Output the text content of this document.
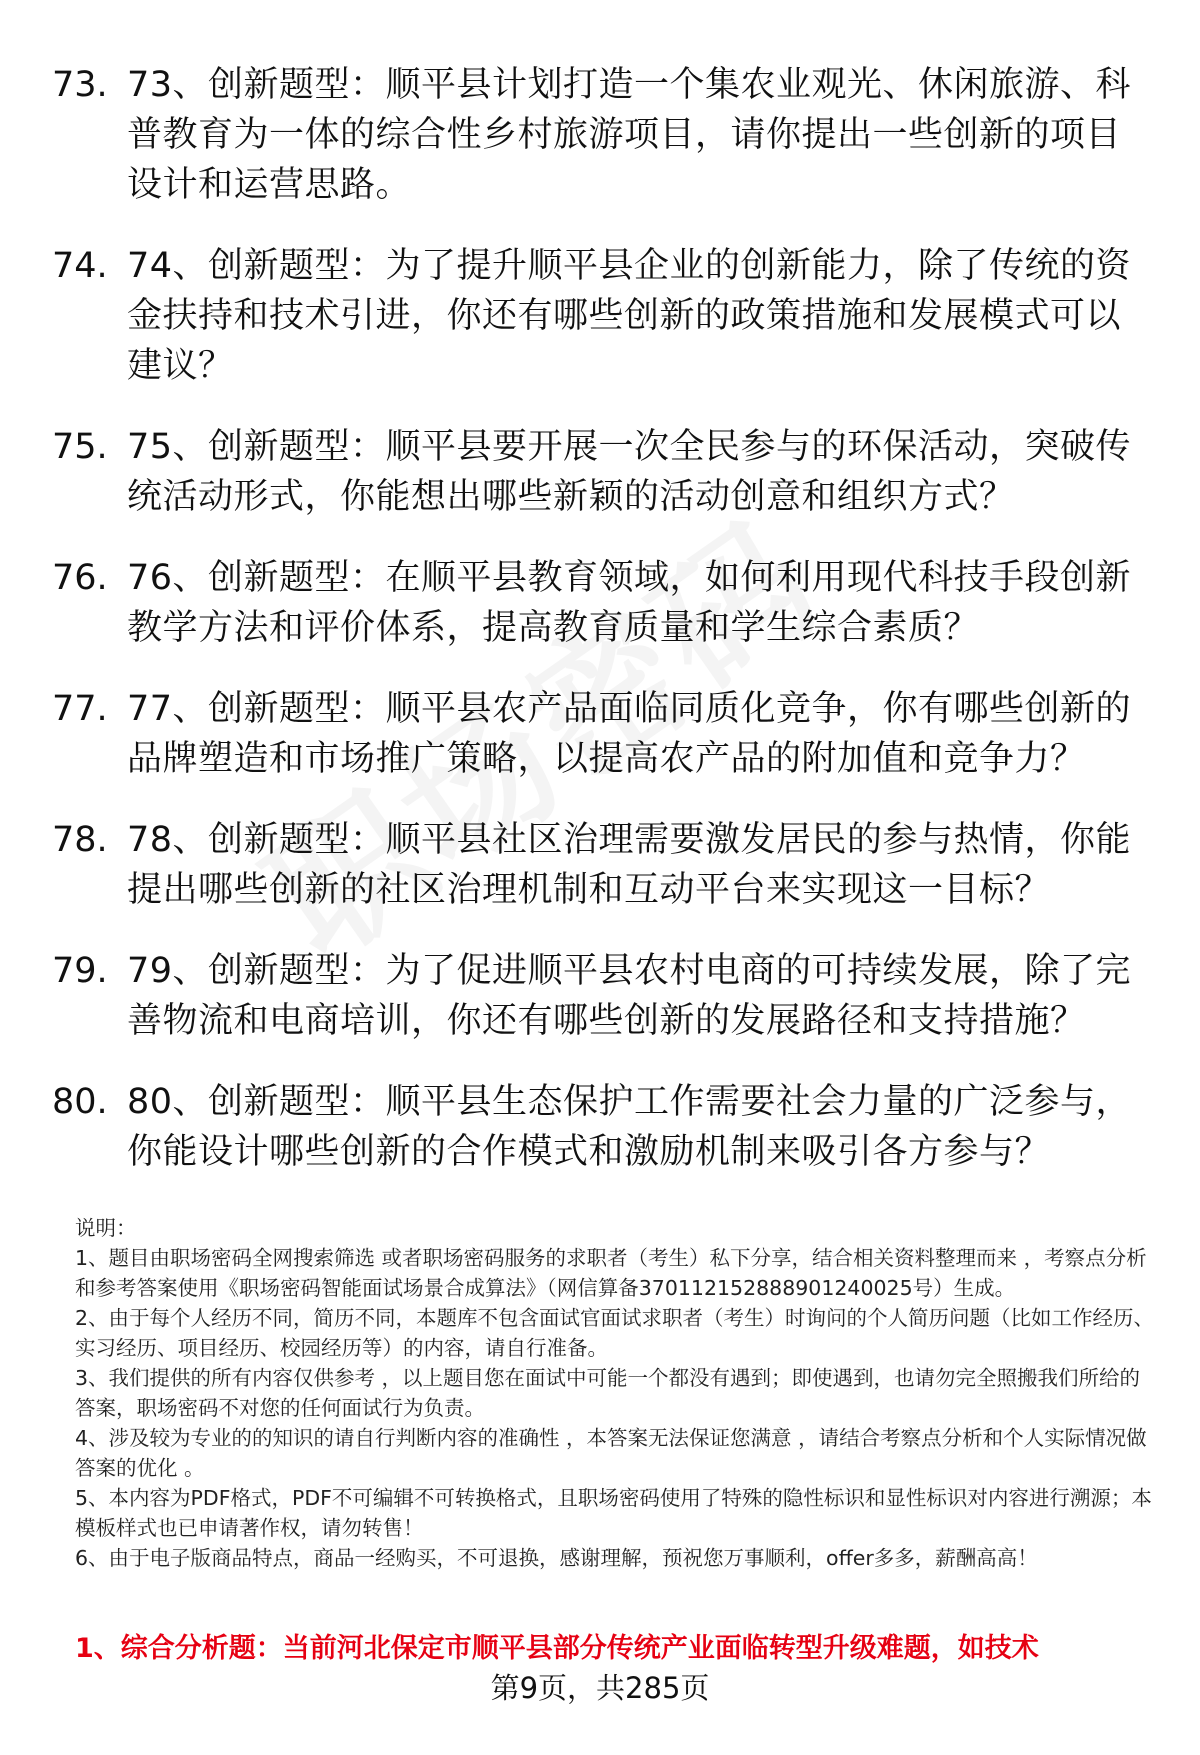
73. 73、创新题型：顺平县计划打造一个集农业观光、休闲旅游、科普教育为一体的综合性乡村旅游项目，请你提出一些创新的项目设计和运营思路。
74. 74、创新题型：为了提升顺平县企业的创新能力，除了传统的资金扶持和技术引进，你还有哪些创新的政策措施和发展模式可以建议？
75. 75、创新题型：顺平县要开展一次全民参与的环保活动，突破传统活动形式，你能想出哪些新颖的活动创意和组织方式？
76. 76、创新题型：在顺平县教育领域，如何利用现代科技手段创新教学方法和评价体系，提高教育质量和学生综合素质？
77. 77、创新题型：顺平县农产品面临同质化竞争，你有哪些创新的品牌塑造和市场推广策略，以提高农产品的附加值和竞争力？
78. 78、创新题型：顺平县社区治理需要激发居民的参与热情，你能提出哪些创新的社区治理机制和互动平台来实现这一目标？
79. 79、创新题型：为了促进顺平县农村电商的可持续发展，除了完善物流和电商培训，你还有哪些创新的发展路径和支持措施？
80. 80、创新题型：顺平县生态保护工作需要社会力量的广泛参与，你能设计哪些创新的合作模式和激励机制来吸引各方参与？

说明：

1、题目由职场密码全网搜索筛选 或者职场密码服务的求职者（考生）私下分享，结合相关资料整理而来 ，考察点分析和参考答案使用《职场密码智能面试场景合成算法》（网信算备370112152888901240025号）生成。

2、由于每个人经历不同，简历不同，本题库不包含面试官面试求职者（考生）时询问的个人简历问题（比如工作经历、实习经历、项目经历、校园经历等）的内容，请自行准备。

3、我们提供的所有内容仅供参考 ，以上题目您在面试中可能一个都没有遇到；即使遇到，也请勿完全照搬我们所给的答案，职场密码不对您的任何面试行为负责。

4、涉及较为专业的的知识的请自行判断内容的准确性 ，本答案无法保证您满意 ，请结合考察点分析和个人实际情况做答案的优化 。

5、本内容为PDF格式，PDF不可编辑不可转换格式，且职场密码使用了特殊的隐性标识和显性标识对内容进行溯源；本模板样式也已申请著作权，请勿转售！

6、由于电子版商品特点，商品一经购买，不可退换，感谢理解，预祝您万事顺利，offer多多，薪酬高高！

1、综合分析题：当前河北保定市顺平县部分传统产业面临转型升级难题，如技术
第9页，共285页
